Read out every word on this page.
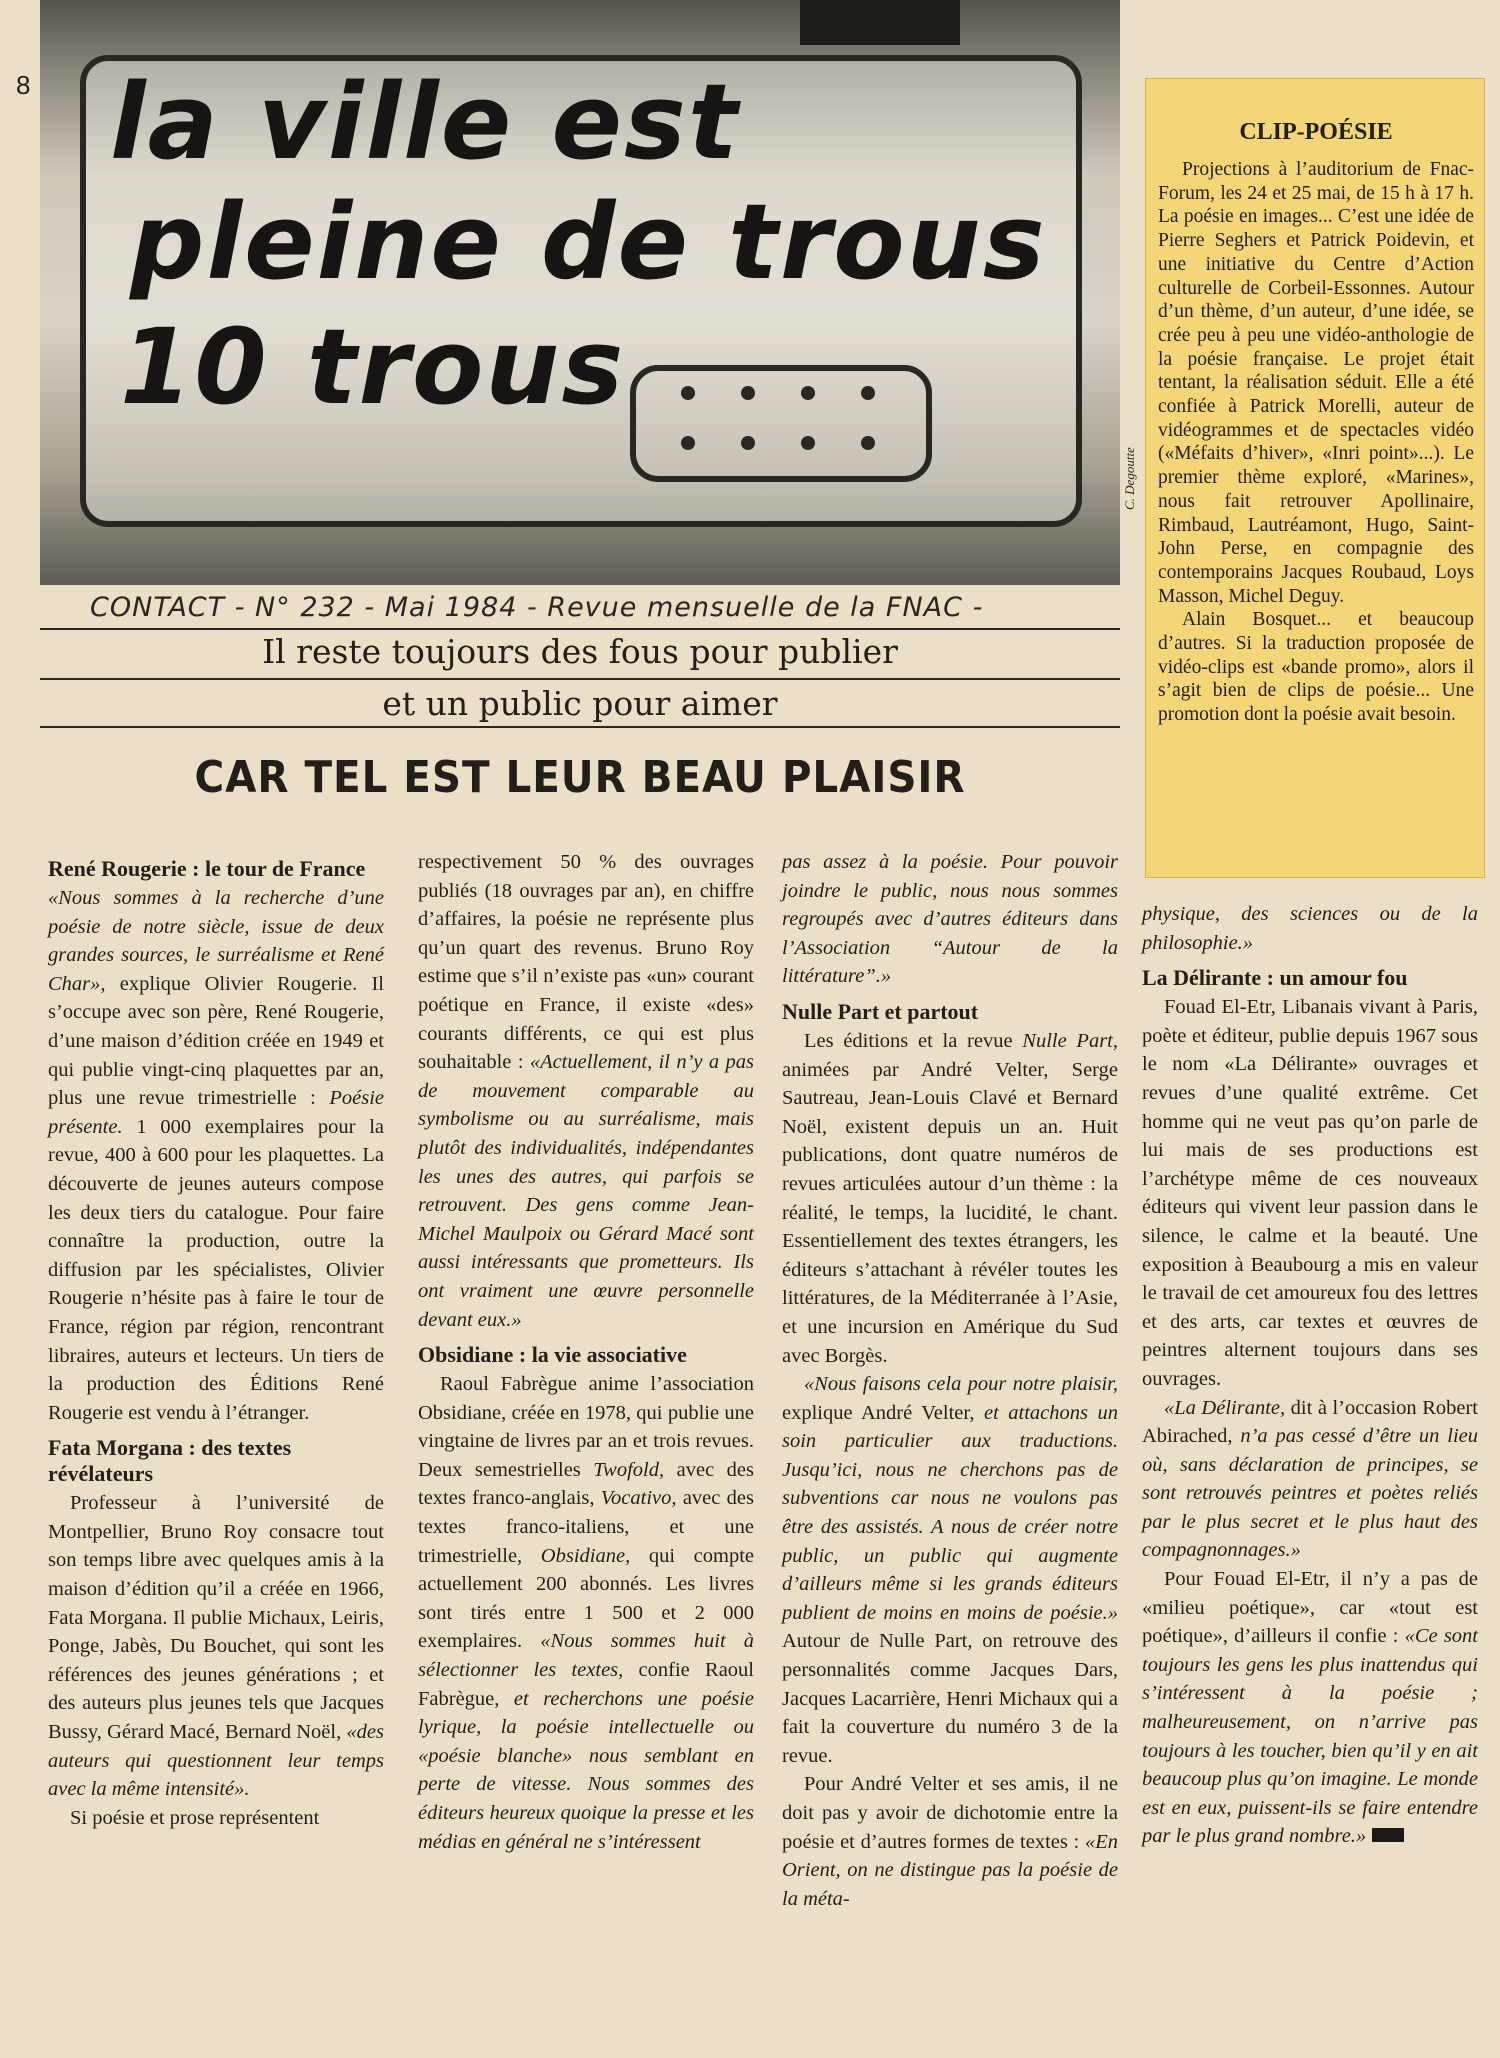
8 la ville est
pleine de trous
10 trous
C. Degoutte
CONTACT - N° 232 - Mai 1984 - Revue mensuelle de la FNAC -
Il reste toujours des fous pour publier
et un public pour aimer
CAR TEL EST LEUR BEAU PLAISIR
CLIP-POÉSIE

Projections à l’auditorium de Fnac-Forum, les 24 et 25 mai, de 15 h à 17 h. La poésie en images... C’est une idée de Pierre Seghers et Patrick Poidevin, et une initiative du Centre d’Action culturelle de Corbeil-Essonnes. Autour d’un thème, d’un auteur, d’une idée, se crée peu à peu une vidéo-anthologie de la poésie française. Le projet était tentant, la réalisation séduit. Elle a été confiée à Patrick Morelli, auteur de vidéogrammes et de spectacles vidéo («Méfaits d’hiver», «Inri point»...). Le premier thème exploré, «Marines», nous fait retrouver Apollinaire, Rimbaud, Lautréamont, Hugo, Saint-John Perse, en compagnie des contemporains Jacques Roubaud, Loys Masson, Michel Deguy.

Alain Bosquet... et beaucoup d’autres. Si la traduction proposée de vidéo-clips est «bande promo», alors il s’agit bien de clips de poésie... Une promotion dont la poésie avait besoin.

René Rougerie : le tour de France

«Nous sommes à la recherche d’une poésie de notre siècle, issue de deux grandes sources, le surréalisme et René Char», explique Olivier Rougerie. Il s’occupe avec son père, René Rougerie, d’une maison d’édition créée en 1949 et qui publie vingt-cinq plaquettes par an, plus une revue trimestrielle : Poésie présente. 1 000 exemplaires pour la revue, 400 à 600 pour les plaquettes. La découverte de jeunes auteurs compose les deux tiers du catalogue. Pour faire connaître la production, outre la diffusion par les spécialistes, Olivier Rougerie n’hésite pas à faire le tour de France, région par région, rencontrant libraires, auteurs et lecteurs. Un tiers de la production des Éditions René Rougerie est vendu à l’étranger.

Fata Morgana : des textes révélateurs

Professeur à l’université de Montpellier, Bruno Roy consacre tout son temps libre avec quelques amis à la maison d’édition qu’il a créée en 1966, Fata Morgana. Il publie Michaux, Leiris, Ponge, Jabès, Du Bouchet, qui sont les références des jeunes générations ; et des auteurs plus jeunes tels que Jacques Bussy, Gérard Macé, Bernard Noël, «des auteurs qui questionnent leur temps avec la même intensité».

Si poésie et prose représentent

respectivement 50 % des ouvrages publiés (18 ouvrages par an), en chiffre d’affaires, la poésie ne représente plus qu’un quart des revenus. Bruno Roy estime que s’il n’existe pas «un» courant poétique en France, il existe «des» courants différents, ce qui est plus souhaitable : «Actuellement, il n’y a pas de mouvement comparable au symbolisme ou au surréalisme, mais plutôt des individualités, indépendantes les unes des autres, qui parfois se retrouvent. Des gens comme Jean-Michel Maulpoix ou Gérard Macé sont aussi intéressants que prometteurs. Ils ont vraiment une œuvre personnelle devant eux.»

Obsidiane : la vie associative

Raoul Fabrègue anime l’association Obsidiane, créée en 1978, qui publie une vingtaine de livres par an et trois revues. Deux semestrielles Twofold, avec des textes franco-anglais, Vocativo, avec des textes franco-italiens, et une trimestrielle, Obsidiane, qui compte actuellement 200 abonnés. Les livres sont tirés entre 1 500 et 2 000 exemplaires. «Nous sommes huit à sélectionner les textes, confie Raoul Fabrègue, et recherchons une poésie lyrique, la poésie intellectuelle ou «poésie blanche» nous semblant en perte de vitesse. Nous sommes des éditeurs heureux quoique la presse et les médias en général ne s’intéressent

pas assez à la poésie. Pour pouvoir joindre le public, nous nous sommes regroupés avec d’autres éditeurs dans l’Association “Autour de la littérature”.»

Nulle Part et partout

Les éditions et la revue Nulle Part, animées par André Velter, Serge Sautreau, Jean-Louis Clavé et Bernard Noël, existent depuis un an. Huit publications, dont quatre numéros de revues articulées autour d’un thème : la réalité, le temps, la lucidité, le chant. Essentiellement des textes étrangers, les éditeurs s’attachant à révéler toutes les littératures, de la Méditerranée à l’Asie, et une incursion en Amérique du Sud avec Borgès.

«Nous faisons cela pour notre plaisir, explique André Velter, et attachons un soin particulier aux traductions. Jusqu’ici, nous ne cherchons pas de subventions car nous ne voulons pas être des assistés. A nous de créer notre public, un public qui augmente d’ailleurs même si les grands éditeurs publient de moins en moins de poésie.» Autour de Nulle Part, on retrouve des personnalités comme Jacques Dars, Jacques Lacarrière, Henri Michaux qui a fait la couverture du numéro 3 de la revue.

Pour André Velter et ses amis, il ne doit pas y avoir de dichotomie entre la poésie et d’autres formes de textes : «En Orient, on ne distingue pas la poésie de la méta-

physique, des sciences ou de la philosophie.»

La Délirante : un amour fou

Fouad El-Etr, Libanais vivant à Paris, poète et éditeur, publie depuis 1967 sous le nom «La Délirante» ouvrages et revues d’une qualité extrême. Cet homme qui ne veut pas qu’on parle de lui mais de ses productions est l’archétype même de ces nouveaux éditeurs qui vivent leur passion dans le silence, le calme et la beauté. Une exposition à Beaubourg a mis en valeur le travail de cet amoureux fou des lettres et des arts, car textes et œuvres de peintres alternent toujours dans ses ouvrages.

«La Délirante, dit à l’occasion Robert Abirached, n’a pas cessé d’être un lieu où, sans déclaration de principes, se sont retrouvés peintres et poètes reliés par le plus secret et le plus haut des compagnonnages.»

Pour Fouad El-Etr, il n’y a pas de «milieu poétique», car «tout est poétique», d’ailleurs il confie : «Ce sont toujours les gens les plus inattendus qui s’intéressent à la poésie ; malheureusement, on n’arrive pas toujours à les toucher, bien qu’il y en ait beaucoup plus qu’on imagine. Le monde est en eux, puissent-ils se faire entendre par le plus grand nombre.»
